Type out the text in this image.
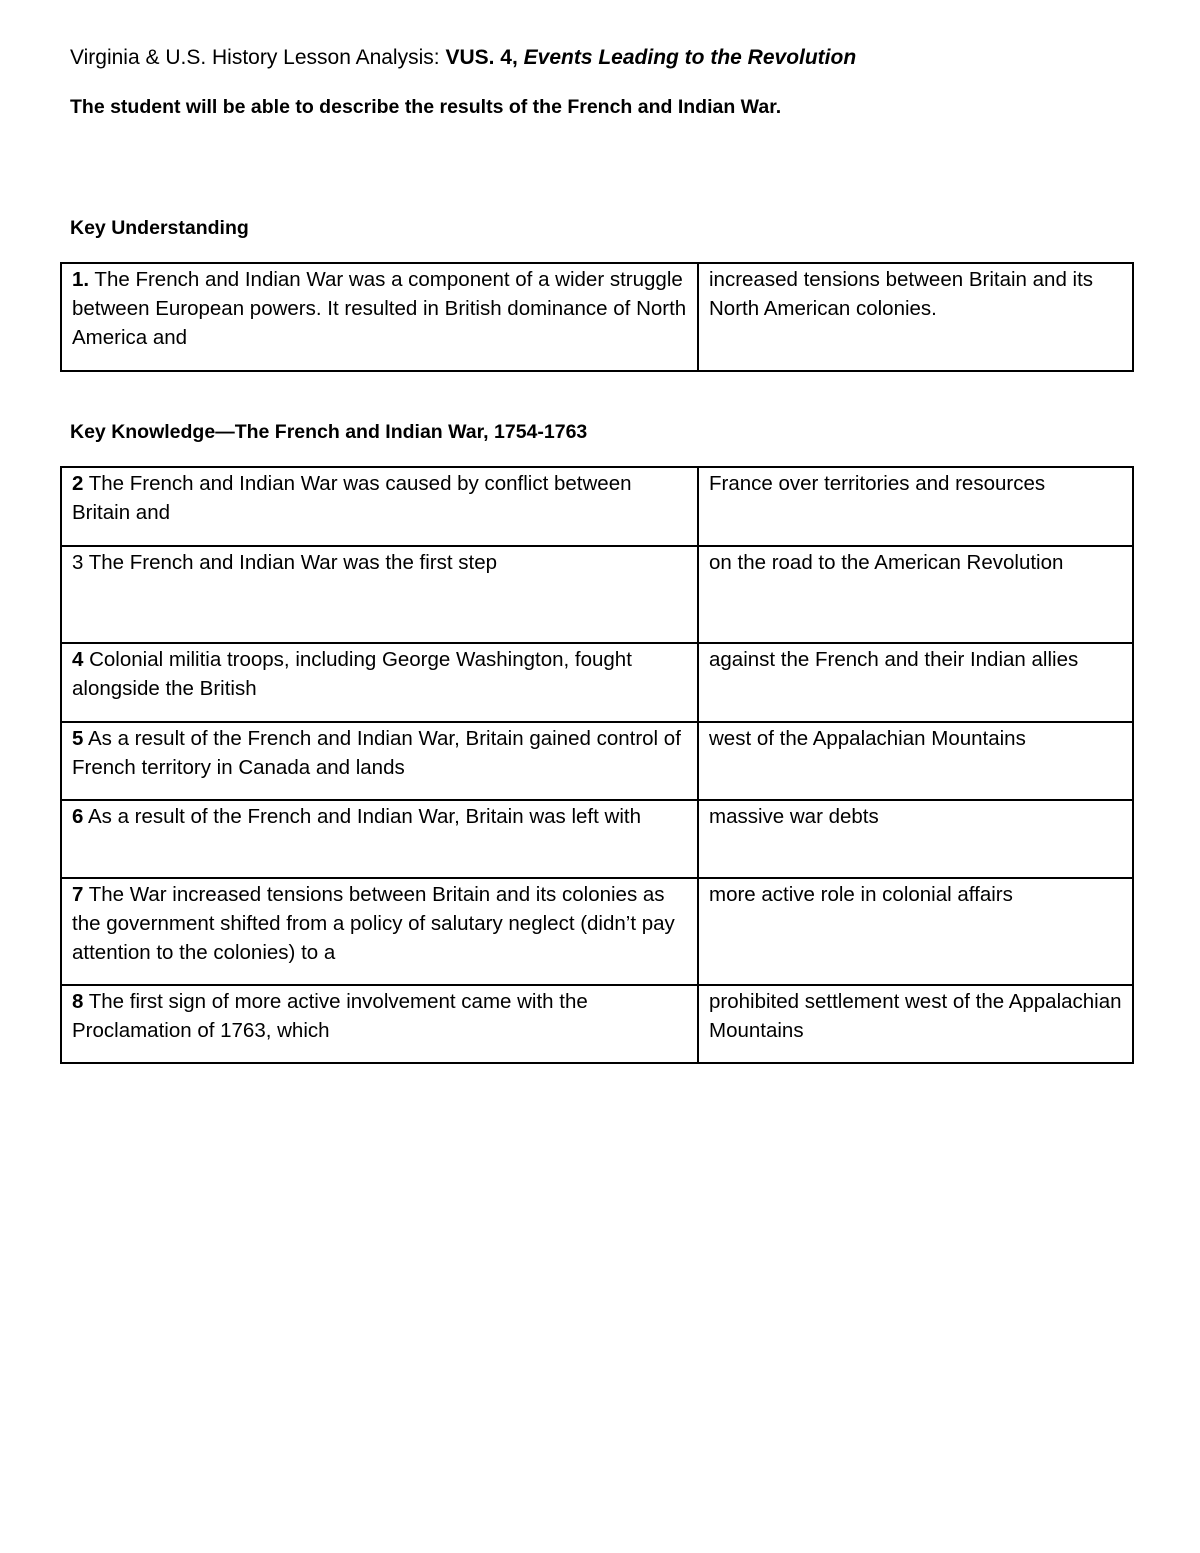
Virginia & U.S. History Lesson Analysis: VUS. 4, Events Leading to the Revolution
The student will be able to describe the results of the French and Indian War.
Key Understanding
1. The French and Indian War was a component of a wider struggle between European powers. It resulted in British dominance of North America and	increased tensions between Britain and its North American colonies.
Key Knowledge—The French and Indian War, 1754-1763
2 The French and Indian War was caused by conflict between Britain and	France over territories and resources
3 The French and Indian War was the first step	on the road to the American Revolution
4 Colonial militia troops, including George Washington, fought alongside the British	against the French and their Indian allies
5 As a result of the French and Indian War, Britain gained control of French territory in Canada and lands	west of the Appalachian Mountains
6 As a result of the French and Indian War, Britain was left with	massive war debts
7 The War increased tensions between Britain and its colonies as the government shifted from a policy of salutary neglect (didn’t pay attention to the colonies) to a	more active role in colonial affairs
8 The first sign of more active involvement came with the Proclamation of 1763, which	prohibited settlement west of the Appalachian Mountains
